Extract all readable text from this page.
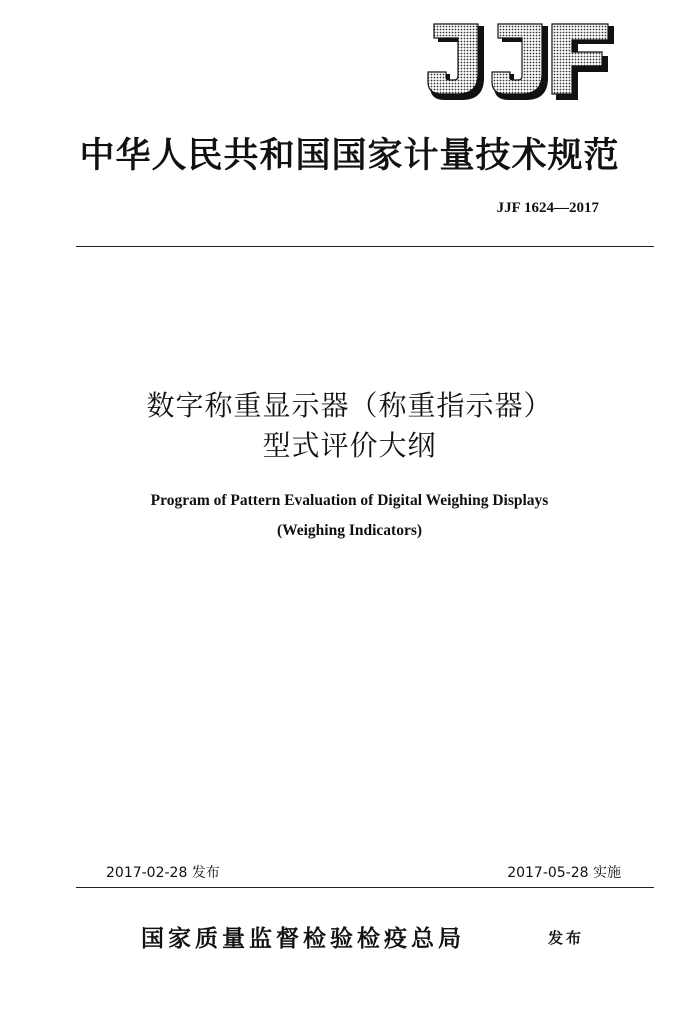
中华人民共和国国家计量技术规范
JJF 1624—2017
数字称重显示器（称重指示器）
型式评价大纲
Program of Pattern Evaluation of Digital Weighing Displays
(Weighing Indicators)
2017-02-28 发布	2017-05-28 实施
国家质量监督检验检疫总局	发布
